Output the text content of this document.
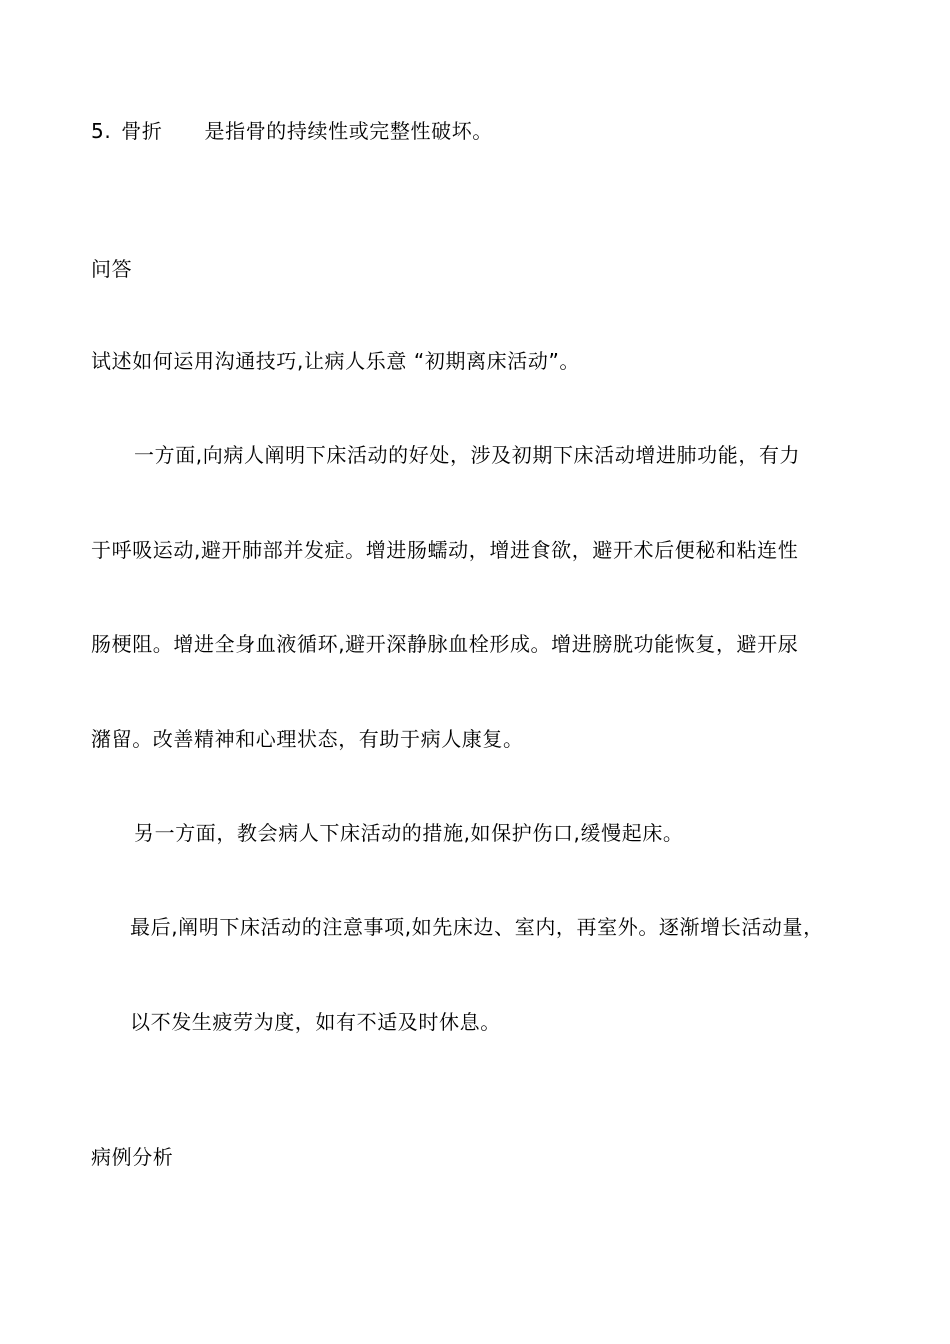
5. 骨折 是指骨的持续性或完整性破坏。
问答
试述如何运用沟通技巧,让病人乐意 “初期离床活动”。
一方面,向病人阐明下床活动的好处，涉及初期下床活动增进肺功能，有力
于呼吸运动,避开肺部并发症。增进肠蠕动，增进食欲，避开术后便秘和粘连性
肠梗阻。增进全身血液循环,避开深静脉血栓形成。增进膀胱功能恢复，避开尿
潴留。改善精神和心理状态，有助于病人康复。
另一方面，教会病人下床活动的措施,如保护伤口,缓慢起床。
最后,阐明下床活动的注意事项,如先床边、室内，再室外。逐渐增长活动量，
以不发生疲劳为度，如有不适及时休息。
病例分析
